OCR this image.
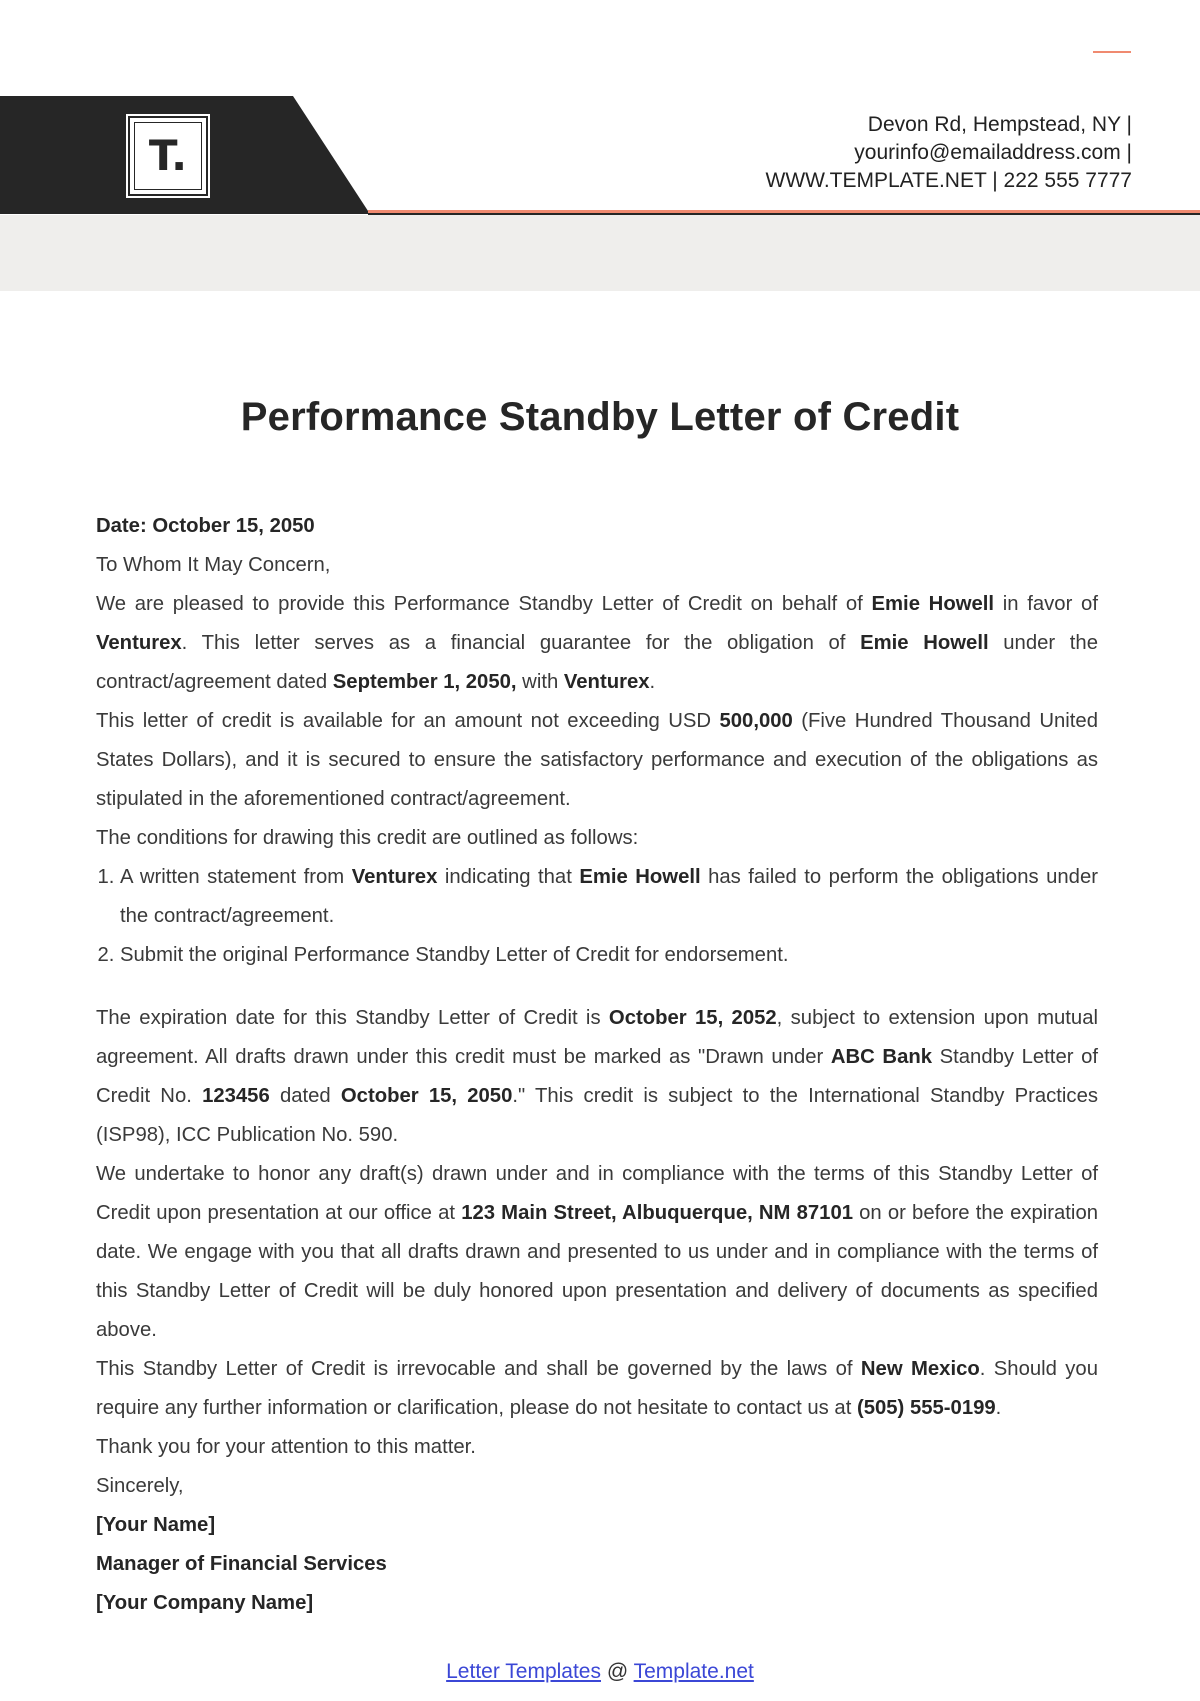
T.
Devon Rd, Hempstead, NY |
yourinfo@emailaddress.com |
WWW.TEMPLATE.NET | 222 555 7777
Performance Standby Letter of Credit

Date: October 15, 2050

To Whom It May Concern,

We are pleased to provide this Performance Standby Letter of Credit on behalf of Emie Howell in favor of Venturex. This letter serves as a financial guarantee for the obligation of Emie Howell under the contract/agreement dated September 1, 2050, with Venturex.

This letter of credit is available for an amount not exceeding USD 500,000 (Five Hundred Thousand United States Dollars), and it is secured to ensure the satisfactory performance and execution of the obligations as stipulated in the aforementioned contract/agreement.

The conditions for drawing this credit are outlined as follows:

1. A written statement from Venturex indicating that Emie Howell has failed to perform the obligations under the contract/agreement.
2. Submit the original Performance Standby Letter of Credit for endorsement.

The expiration date for this Standby Letter of Credit is October 15, 2052, subject to extension upon mutual agreement. All drafts drawn under this credit must be marked as "Drawn under ABC Bank Standby Letter of Credit No. 123456 dated October 15, 2050." This credit is subject to the International Standby Practices (ISP98), ICC Publication No. 590.

We undertake to honor any draft(s) drawn under and in compliance with the terms of this Standby Letter of Credit upon presentation at our office at 123 Main Street, Albuquerque, NM 87101 on or before the expiration date. We engage with you that all drafts drawn and presented to us under and in compliance with the terms of this Standby Letter of Credit will be duly honored upon presentation and delivery of documents as specified above.

This Standby Letter of Credit is irrevocable and shall be governed by the laws of New Mexico. Should you require any further information or clarification, please do not hesitate to contact us at (505) 555-0199.

Thank you for your attention to this matter.

Sincerely,

[Your Name]

Manager of Financial Services

[Your Company Name]

Letter Templates @ Template.net
